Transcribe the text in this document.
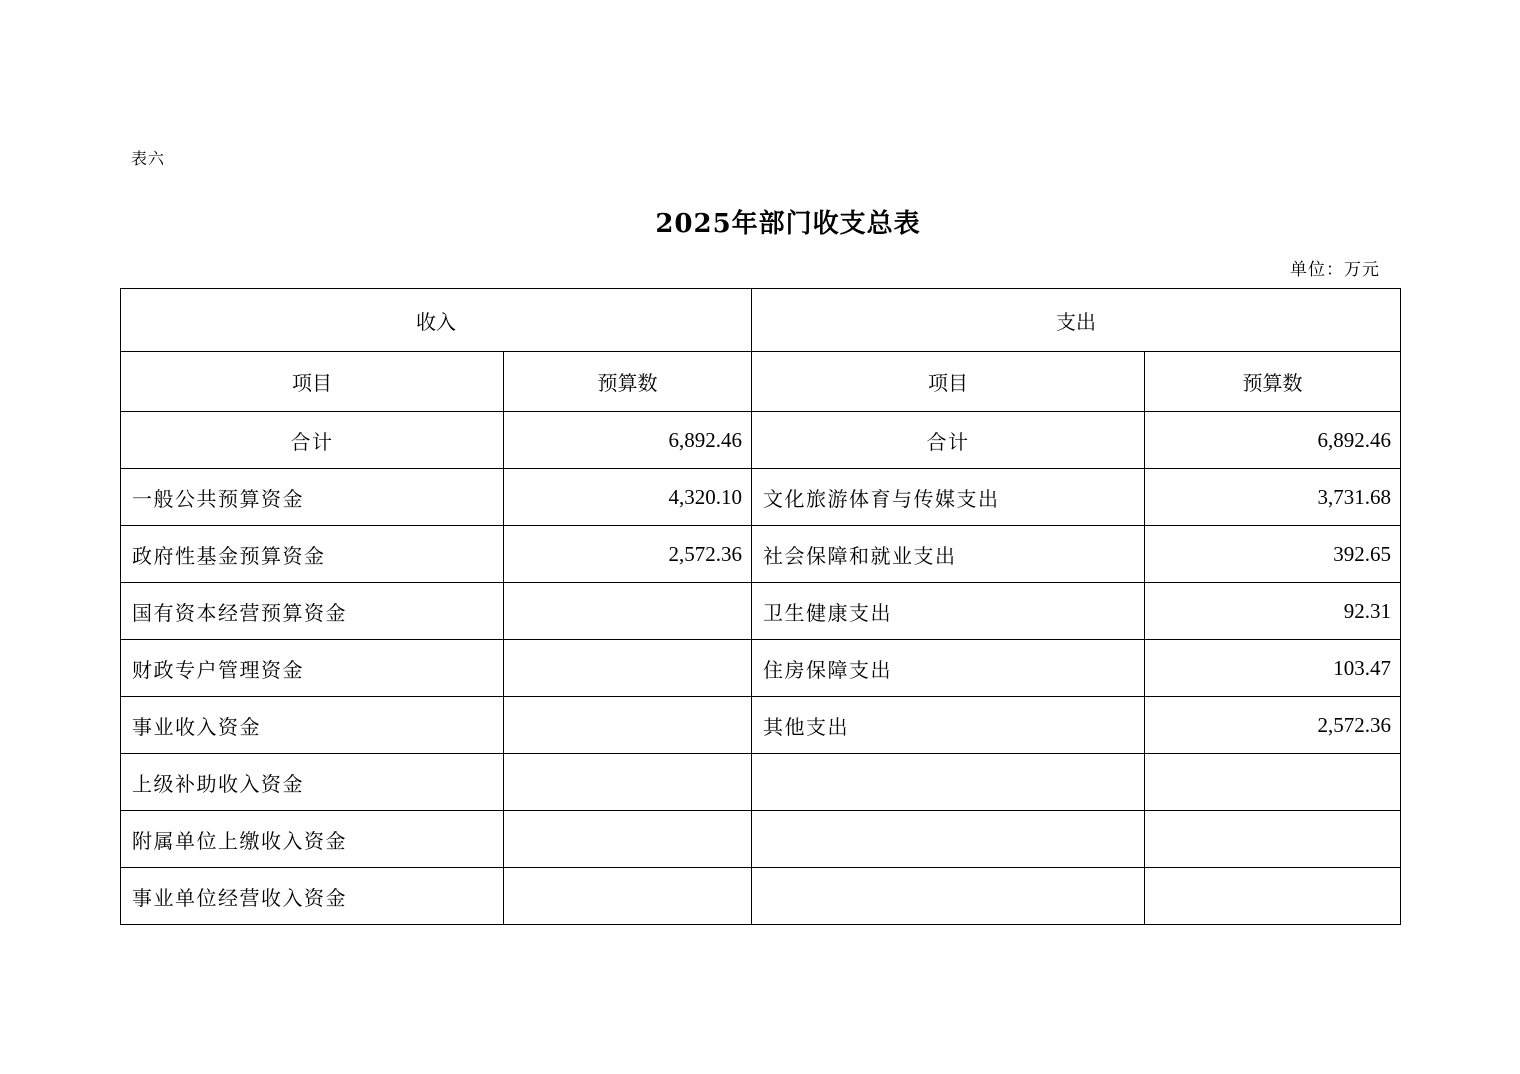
表六
2025年部门收支总表
单位：万元
收入		支出	
项目	预算数	项目	预算数
合计	6,892.46	合计	6,892.46
一般公共预算资金	4,320.10	文化旅游体育与传媒支出	3,731.68
政府性基金预算资金	2,572.36	社会保障和就业支出	392.65
国有资本经营预算资金		卫生健康支出	92.31
财政专户管理资金		住房保障支出	103.47
事业收入资金		其他支出	2,572.36
上级补助收入资金			
附属单位上缴收入资金			
事业单位经营收入资金			
